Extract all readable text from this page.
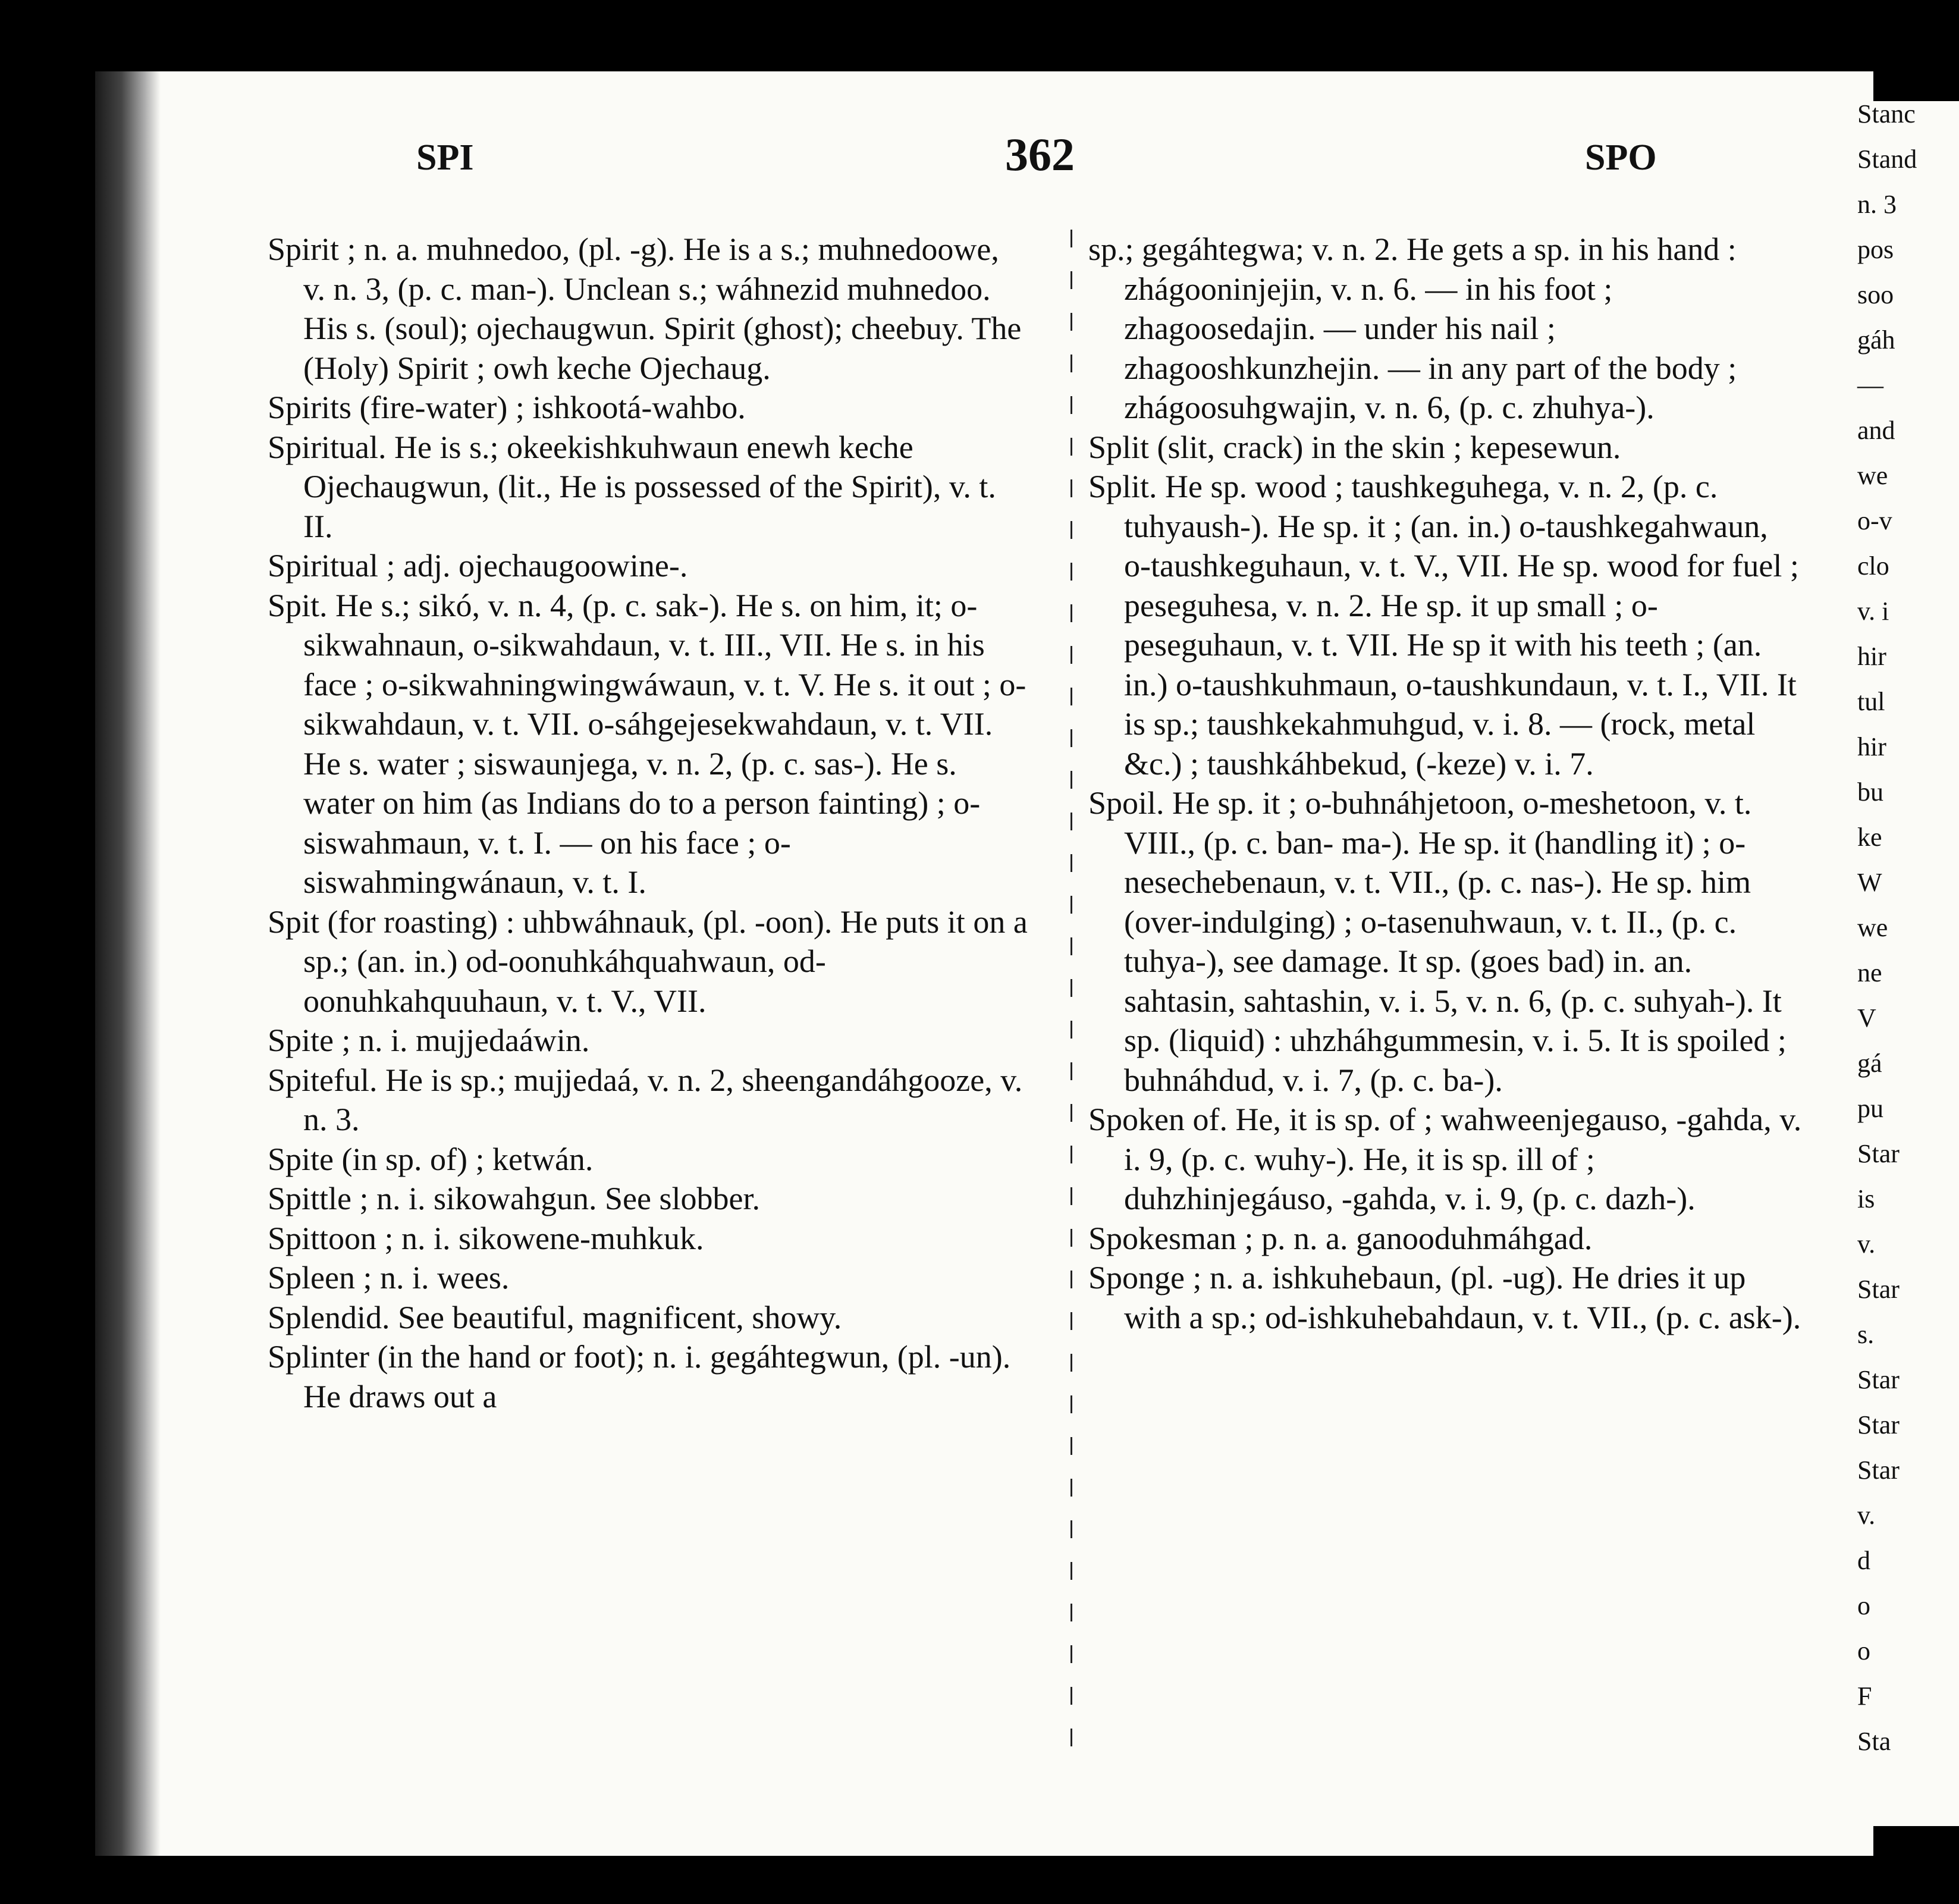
SPI	362	SPO

Spirit ; n. a. muhnedoo, (pl. -g). He is a s.; muhnedoowe, v. n. 3, (p. c. man-). Unclean s.; wáhnezid muhnedoo. His s. (soul); ojechaugwun. Spirit (ghost); cheebuy. The (Holy) Spirit ; owh keche Ojechaug.

Spirits (fire-water) ; ishkootá-wahbo.

Spiritual. He is s.; okeekishkuhwaun enewh keche Ojechaugwun, (lit., He is possessed of the Spirit), v. t. II.

Spiritual ; adj. ojechaugoowine-.

Spit. He s.; sikó, v. n. 4, (p. c. sak-). He s. on him, it; o-sikwahnaun, o-sikwahdaun, v. t. III., VII. He s. in his face ; o-sikwahningwingwáwaun, v. t. V. He s. it out ; o-sikwahdaun, v. t. VII. o-sáhgejesekwahdaun, v. t. VII. He s. water ; siswaunjega, v. n. 2, (p. c. sas-). He s. water on him (as Indians do to a person fainting) ; o-siswahmaun, v. t. I. — on his face ; o-siswahmingwánaun, v. t. I.

Spit (for roasting) : uhbwáhnauk, (pl. -oon). He puts it on a sp.; (an. in.) od-oonuhkáhquahwaun, od-oonuhkahquuhaun, v. t. V., VII.

Spite ; n. i. mujjedaáwin.

Spiteful. He is sp.; mujjedaá, v. n. 2, sheengandáhgooze, v. n. 3.

Spite (in sp. of) ; ketwán.

Spittle ; n. i. sikowahgun. See slobber.

Spittoon ; n. i. sikowene-muhkuk.

Spleen ; n. i. wees.

Splendid. See beautiful, magnificent, showy.

Splinter (in the hand or foot); n. i. gegáhtegwun, (pl. -un). He draws out a

sp.; gegáhtegwa; v. n. 2. He gets a sp. in his hand : zhágooninjejin, v. n. 6. — in his foot ; zhagoosedajin. — under his nail ; zhagooshkunzhejin. — in any part of the body ; zhágoosuhgwajin, v. n. 6, (p. c. zhuhya-).

Split (slit, crack) in the skin ; kepesewun.

Split. He sp. wood ; taushkeguhega, v. n. 2, (p. c. tuhyaush-). He sp. it ; (an. in.) o-taushkegahwaun, o-taushkeguhaun, v. t. V., VII. He sp. wood for fuel ; peseguhesa, v. n. 2. He sp. it up small ; o-peseguhaun, v. t. VII. He sp it with his teeth ; (an. in.) o-taushkuhmaun, o-taushkundaun, v. t. I., VII. It is sp.; taushkekahmuhgud, v. i. 8. — (rock, metal &c.) ; taushkáhbekud, (-keze) v. i. 7.

Spoil. He sp. it ; o-buhnáhjetoon, o-meshetoon, v. t. VIII., (p. c. ban- ma-). He sp. it (handling it) ; o-nesechebenaun, v. t. VII., (p. c. nas-). He sp. him (over-indulging) ; o-tasenuhwaun, v. t. II., (p. c. tuhya-), see damage. It sp. (goes bad) in. an. sahtasin, sahtashin, v. i. 5, v. n. 6, (p. c. suhyah-). It sp. (liquid) : uhzháhgummesin, v. i. 5. It is spoiled ; buhnáhdud, v. i. 7, (p. c. ba-).

Spoken of. He, it is sp. of ; wahweenjegauso, -gahda, v. i. 9, (p. c. wuhy-). He, it is sp. ill of ; duhzhinjegáuso, -gahda, v. i. 9, (p. c. dazh-).

Spokesman ; p. n. a. ganooduhmáhgad.

Sponge ; n. a. ishkuhebaun, (pl. -ug). He dries it up with a sp.; od-ishkuhebahdaun, v. t. VII., (p. c. ask-).

Stanc
Stand
n. 3
pos
soo
gáh
—
and
we
o-v
clo
v. i
hir
tul
hir
bu
ke
W
we
ne
V
gá
pu
Star
is
v.
Star
s.
Star
Star
Star
v.
d
o
o
F
Sta
